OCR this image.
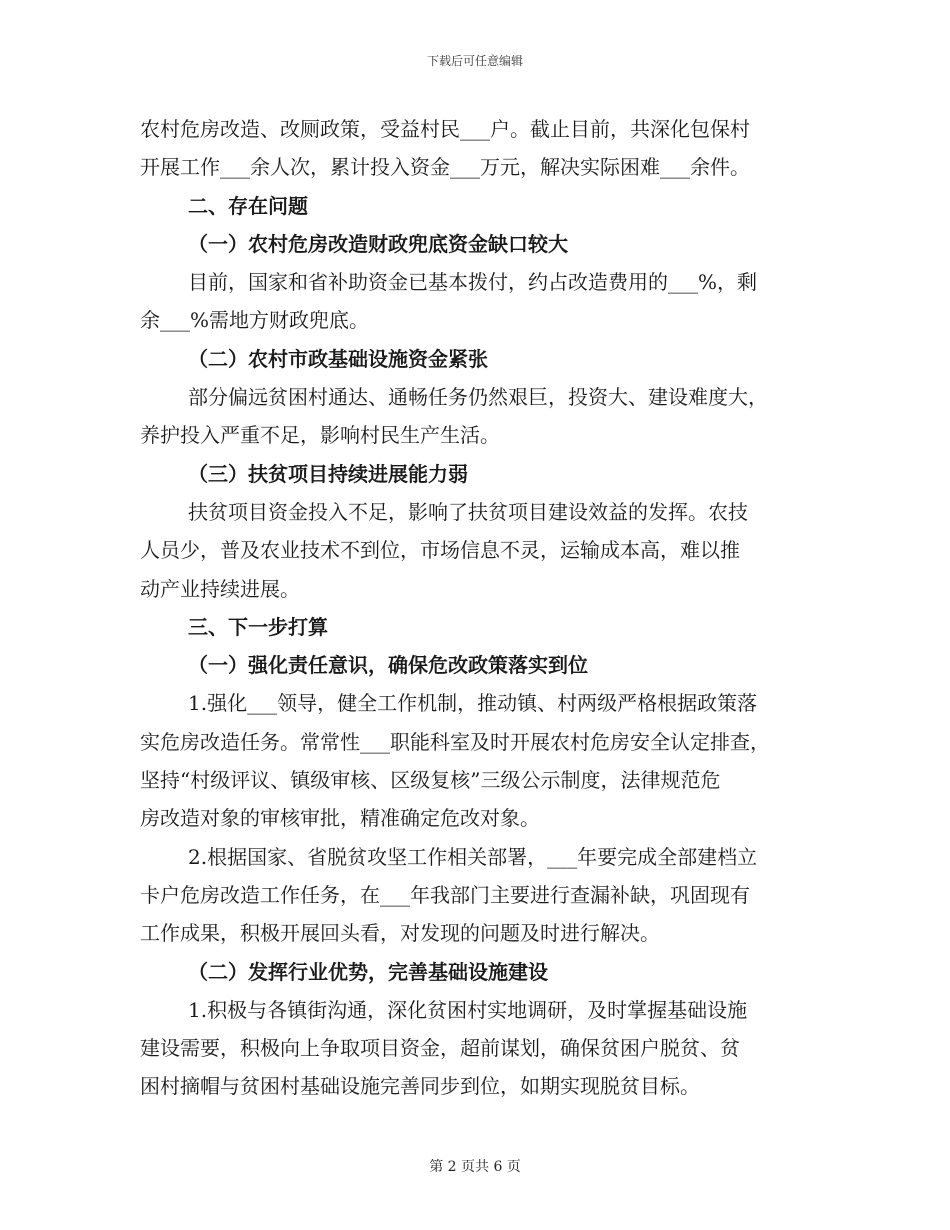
下载后可任意编辑
农村危房改造、改厕政策，受益村民___户。截止目前，共深化包保村
开展工作___余人次，累计投入资金___万元，解决实际困难___余件。
二、存在问题
（一）农村危房改造财政兜底资金缺口较大
目前，国家和省补助资金已基本拨付，约占改造费用的___%，剩
余___%需地方财政兜底。
（二）农村市政基础设施资金紧张
部分偏远贫困村通达、通畅任务仍然艰巨，投资大、建设难度大，
养护投入严重不足，影响村民生产生活。
（三）扶贫项目持续进展能力弱
扶贫项目资金投入不足，影响了扶贫项目建设效益的发挥。农技
人员少，普及农业技术不到位，市场信息不灵，运输成本高，难以推
动产业持续进展。
三、下一步打算
（一）强化责任意识，确保危改政策落实到位
1.强化___领导，健全工作机制，推动镇、村两级严格根据政策落
实危房改造任务。常常性___职能科室及时开展农村危房安全认定排查，
坚持“村级评议、镇级审核、区级复核”三级公示制度，法律规范危
房改造对象的审核审批，精准确定危改对象。
2.根据国家、省脱贫攻坚工作相关部署，___年要完成全部建档立
卡户危房改造工作任务，在___年我部门主要进行查漏补缺，巩固现有
工作成果，积极开展回头看，对发现的问题及时进行解决。
（二）发挥行业优势，完善基础设施建设
1.积极与各镇街沟通，深化贫困村实地调研，及时掌握基础设施
建设需要，积极向上争取项目资金，超前谋划，确保贫困户脱贫、贫
困村摘帽与贫困村基础设施完善同步到位，如期实现脱贫目标。
第 2 页共 6 页
